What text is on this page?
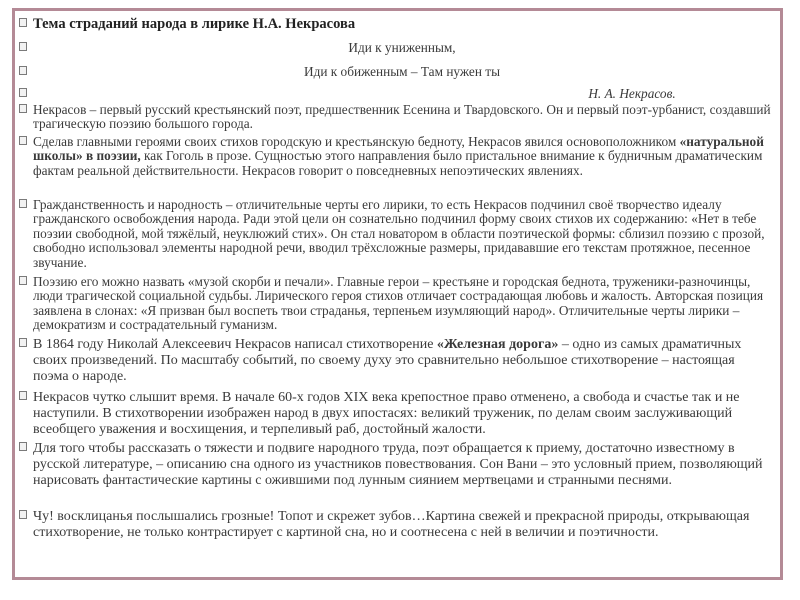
Тема страданий народа в лирике Н.А. Некрасова
Иди к униженным,
Иди к обиженным – Там нужен ты
Н. А. Некрасов.
Некрасов – первый русский крестьянский поэт, предшественник Есенина и Твардовского. Он и первый поэт-урбанист, создавший трагическую поэзию большого города.
Сделав главными героями своих стихов городскую и крестьянскую бедноту, Некрасов явился основоположником «натуральной школы» в поэзии, как Гоголь в прозе. Сущностью этого направления было пристальное внимание к будничным драматическим фактам реальной действительности. Некрасов говорит о повседневных непоэтических явлениях.
Гражданственность и народность – отличительные черты его лирики, то есть Некрасов подчинил своё творчество идеалу гражданского освобождения народа. Ради этой цели он сознательно подчинил форму своих стихов их содержанию: «Нет в тебе поэзии свободной, мой тяжёлый, неуклюжий стих». Он стал новатором в области поэтической формы: сблизил поэзию с прозой, свободно использовал элементы народной речи, вводил трёхсложные размеры, придававшие его текстам протяжное, песенное звучание.
Поэзию его можно назвать «музой скорби и печали». Главные герои – крестьяне и городская беднота, труженики-разночинцы, люди трагической социальной судьбы. Лирического героя стихов отличает сострадающая любовь и жалость. Авторская позиция заявлена в слонах: «Я призван был воспеть твои страданья, терпеньем изумляющий народ». Отличительные черты лирики – демократизм и сострадательный гуманизм.
В 1864 году Николай Алексеевич Некрасов написал стихотворение «Железная дорога» – одно из самых драматичных своих произведений. По масштабу событий, по своему духу это сравнительно небольшое стихотворение – настоящая поэма о народе.
Некрасов чутко слышит время. В начале 60-х годов XIX века крепостное право отменено, а свобода и счастье так и не наступили. В стихотворении изображен народ в двух ипостасях: великий труженик, по делам своим заслуживающий всеобщего уважения и восхищения, и терпеливый раб, достойный жалости.
Для того чтобы рассказать о тяжести и подвиге народного труда, поэт обращается к приему, достаточно известному в русской литературе, – описанию сна одного из участников повествования. Сон Вани – это условный прием, позволяющий нарисовать фантастические картины с ожившими под лунным сиянием мертвецами и странными песнями.
Чу! восклицанья послышались грозные! Топот и скрежет зубов…Картина свежей и прекрасной природы, открывающая стихотворение, не только контрастирует с картиной сна, но и соотнесена с ней в величии и поэтичности.
